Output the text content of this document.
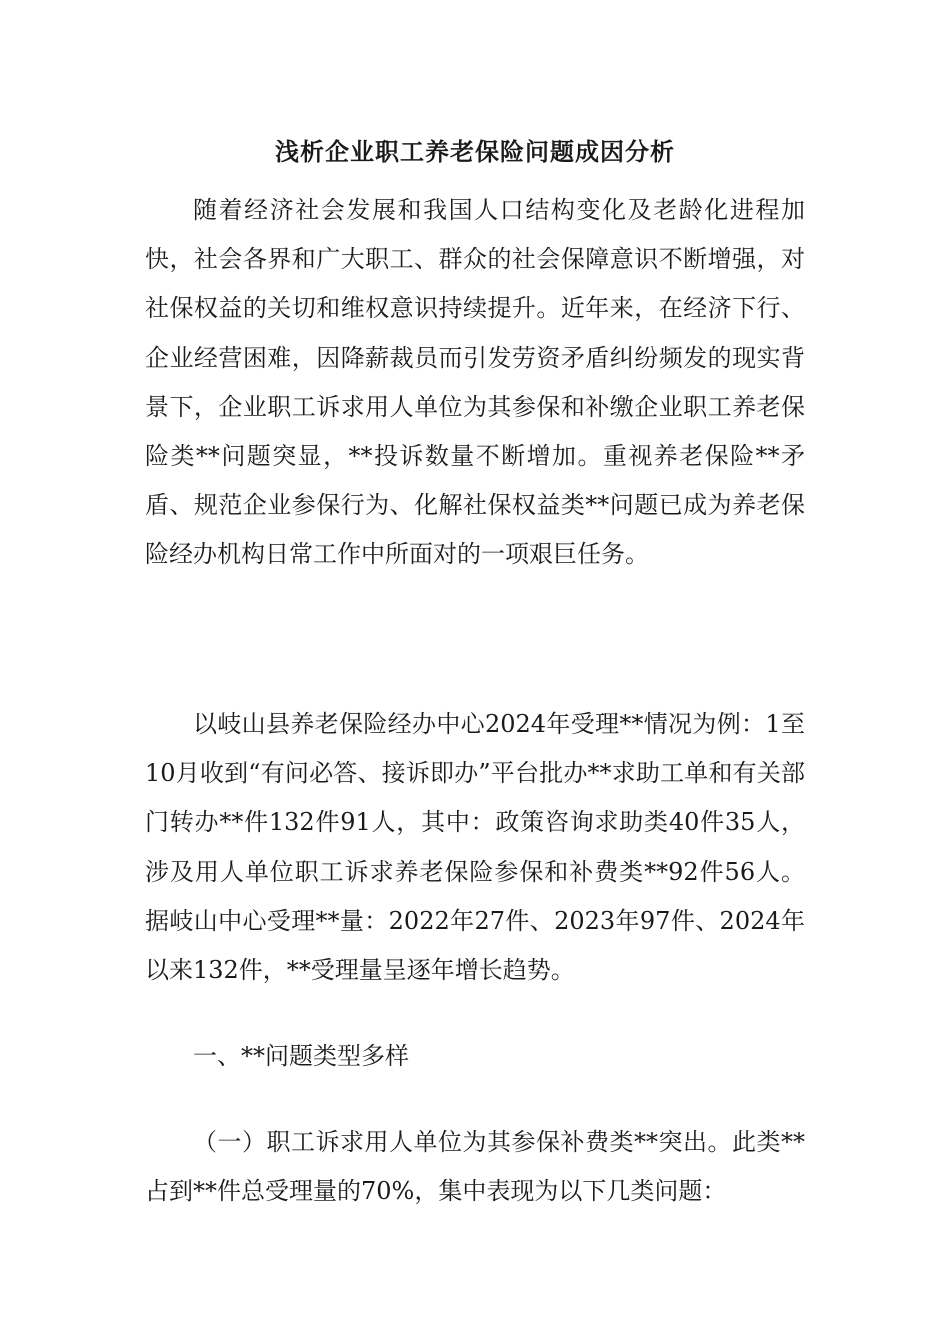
浅析企业职工养老保险问题成因分析

随着经济社会发展和我国人口结构变化及老龄化进程加快，社会各界和广大职工、群众的社会保障意识不断增强，对社保权益的关切和维权意识持续提升。近年来，在经济下行、企业经营困难，因降薪裁员而引发劳资矛盾纠纷频发的现实背景下，企业职工诉求用人单位为其参保和补缴企业职工养老保险类**问题突显，**投诉数量不断增加。重视养老保险**矛盾、规范企业参保行为、化解社保权益类**问题已成为养老保险经办机构日常工作中所面对的一项艰巨任务。

以岐山县养老保险经办中心2024年受理**情况为例：1至10月收到“有问必答、接诉即办”平台批办**求助工单和有关部门转办**件132件91人，其中：政策咨询求助类40件35人，涉及用人单位职工诉求养老保险参保和补费类**92件56人。据岐山中心受理**量：2022年27件、2023年97件、2024年以来132件，**受理量呈逐年增长趋势。

一、**问题类型多样

（一）职工诉求用人单位为其参保补费类**突出。此类**占到**件总受理量的70%，集中表现为以下几类问题：
